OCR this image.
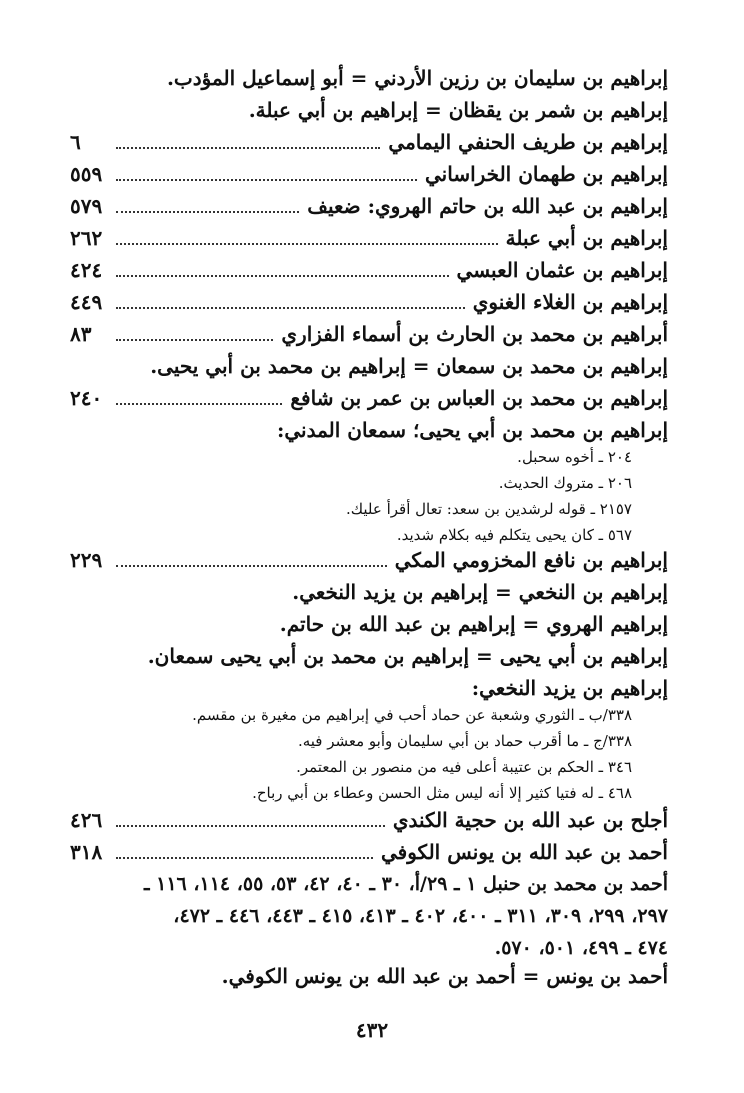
إبراهيم بن سليمان بن رزين الأردني = أبو إسماعيل المؤدب.
إبراهيم بن شمر بن يقظان = إبراهيم بن أبي عبلة.
إبراهيم بن طريف الحنفي اليمامي
٦
إبراهيم بن طهمان الخراساني
٥٥٩
إبراهيم بن عبد الله بن حاتم الهروي: ضعيف
٥٧٩
إبراهيم بن أبي عبلة
٢٦٢
إبراهيم بن عثمان العبسي
٤٢٤
إبراهيم بن الغلاء الغنوي
٤٤٩
أبراهيم بن محمد بن الحارث بن أسماء الفزاري
٨٣
إبراهيم بن محمد بن سمعان = إبراهيم بن محمد بن أبي يحيى.
إبراهيم بن محمد بن العباس بن عمر بن شافع
٢٤٠
إبراهيم بن محمد بن أبي يحيى؛ سمعان المدني:
٢٠٤ ـ أخوه سحبل.
٢٠٦ ـ متروك الحديث.
٢١٥٧ ـ قوله لرشدين بن سعد: تعال أقرأ عليك.
٥٦٧ ـ كان يحيى يتكلم فيه بكلام شديد.
إبراهيم بن نافع المخزومي المكي
٢٢٩
إبراهيم بن النخعي = إبراهيم بن يزيد النخعي.
إبراهيم الهروي = إبراهيم بن عبد الله بن حاتم.
إبراهيم بن أبي يحيى = إبراهيم بن محمد بن أبي يحيى سمعان.
إبراهيم بن يزيد النخعي:
٣٣٨/ب ـ الثوري وشعبة عن حماد أحب في إبراهيم من مغيرة بن مقسم.
٣٣٨/ج ـ ما أقرب حماد بن أبي سليمان وأبو معشر فيه.
٣٤٦ ـ الحكم بن عتيبة أعلى فيه من منصور بن المعتمر.
٤٦٨ ـ له فتيا كثير إلا أنه ليس مثل الحسن وعطاء بن أبي رباح.
أجلح بن عبد الله بن حجية الكندي
٤٢٦
أحمد بن عبد الله بن يونس الكوفي
٣١٨
أحمد بن محمد بن حنبل ١ ـ ٢٩/أ، ٣٠ ـ ٤٠، ٤٢، ٥٣، ٥٥، ١١٤، ١١٦ ـ
٢٩٧، ٢٩٩، ٣٠٩، ٣١١ ـ ٤٠٠، ٤٠٢ ـ ٤١٣، ٤١٥ ـ ٤٤٣، ٤٤٦ ـ ٤٧٢،
٤٧٤ ـ ٤٩٩، ٥٠١، ٥٧٠.
أحمد بن يونس = أحمد بن عبد الله بن يونس الكوفي.
٤٣٢
